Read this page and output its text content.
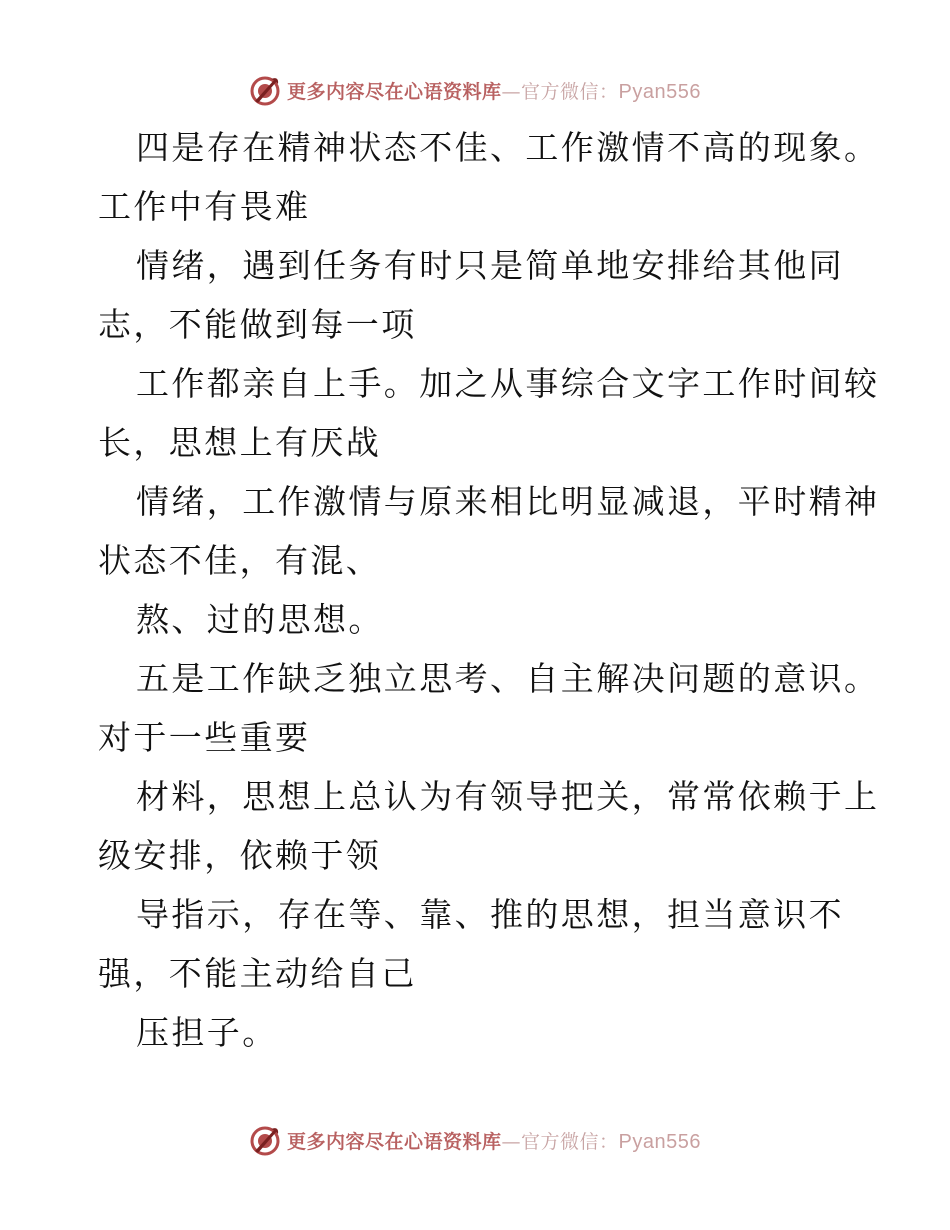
更多内容尽在心语资料库—官方微信：Pyan556
四是存在精神状态不佳、工作激情不高的现象。
工作中有畏难
情绪，遇到任务有时只是简单地安排给其他同
志，不能做到每一项
工作都亲自上手。加之从事综合文字工作时间较
长，思想上有厌战
情绪，工作激情与原来相比明显减退，平时精神
状态不佳，有混、
熬、过的思想。
五是工作缺乏独立思考、自主解决问题的意识。
对于一些重要
材料，思想上总认为有领导把关，常常依赖于上
级安排，依赖于领
导指示，存在等、靠、推的思想，担当意识不
强，不能主动给自己
压担子。
更多内容尽在心语资料库—官方微信：Pyan556
